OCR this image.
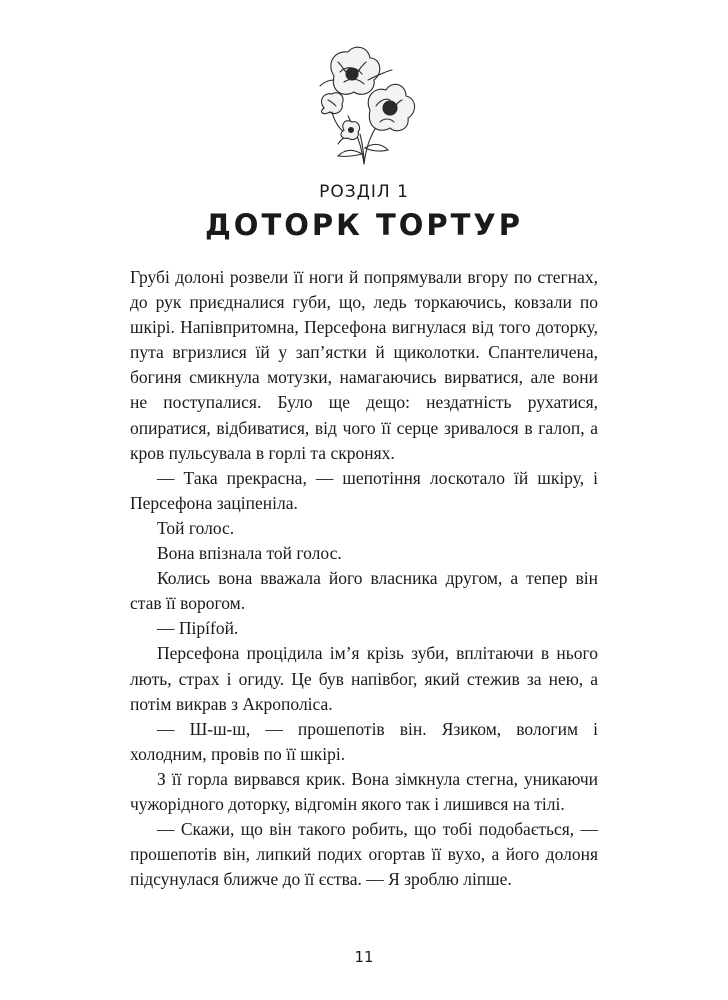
РОЗДІЛ 1
ДОТОРК ТОРТУР

Грубі долоні розвели її ноги й попрямували вгору по стегнах, до рук приєдналися губи, що, ледь торкаючись, ковзали по шкірі. Напівпритомна, Персефона вигнулася від того доторку, пута вгризлися їй у зап’ястки й щиколотки. Спантеличена, богиня смикнула мотузки, намагаючись вирватися, але вони не поступалися. Було ще дещо: нездатність рухатися, опиратися, відбиватися, від чого її серце зривалося в галоп, а кров пульсувала в горлі та скронях.

— Така прекрасна, — шепотіння лоскотало їй шкіру, і Персефона заціпеніла.

Той голос.

Вона впізнала той голос.

Колись вона вважала його власника другом, а тепер він став її ворогом.

— Пірífой.

Персефона процідила ім’я крізь зуби, вплітаючи в нього лють, страх і огиду. Це був напівбог, який стежив за нею, а потім викрав з Акрополіса.

— Ш-ш-ш, — прошепотів він. Язиком, вологим і холодним, провів по її шкірі.

З її горла вирвався крик. Вона зімкнула стегна, уникаючи чужорідного доторку, відгомін якого так і лишився на тілі.

— Скажи, що він такого робить, що тобі подобається, — прошепотів він, липкий подих огортав її вухо, а його долоня підсунулася ближче до її єства. — Я зроблю ліпше.

11
